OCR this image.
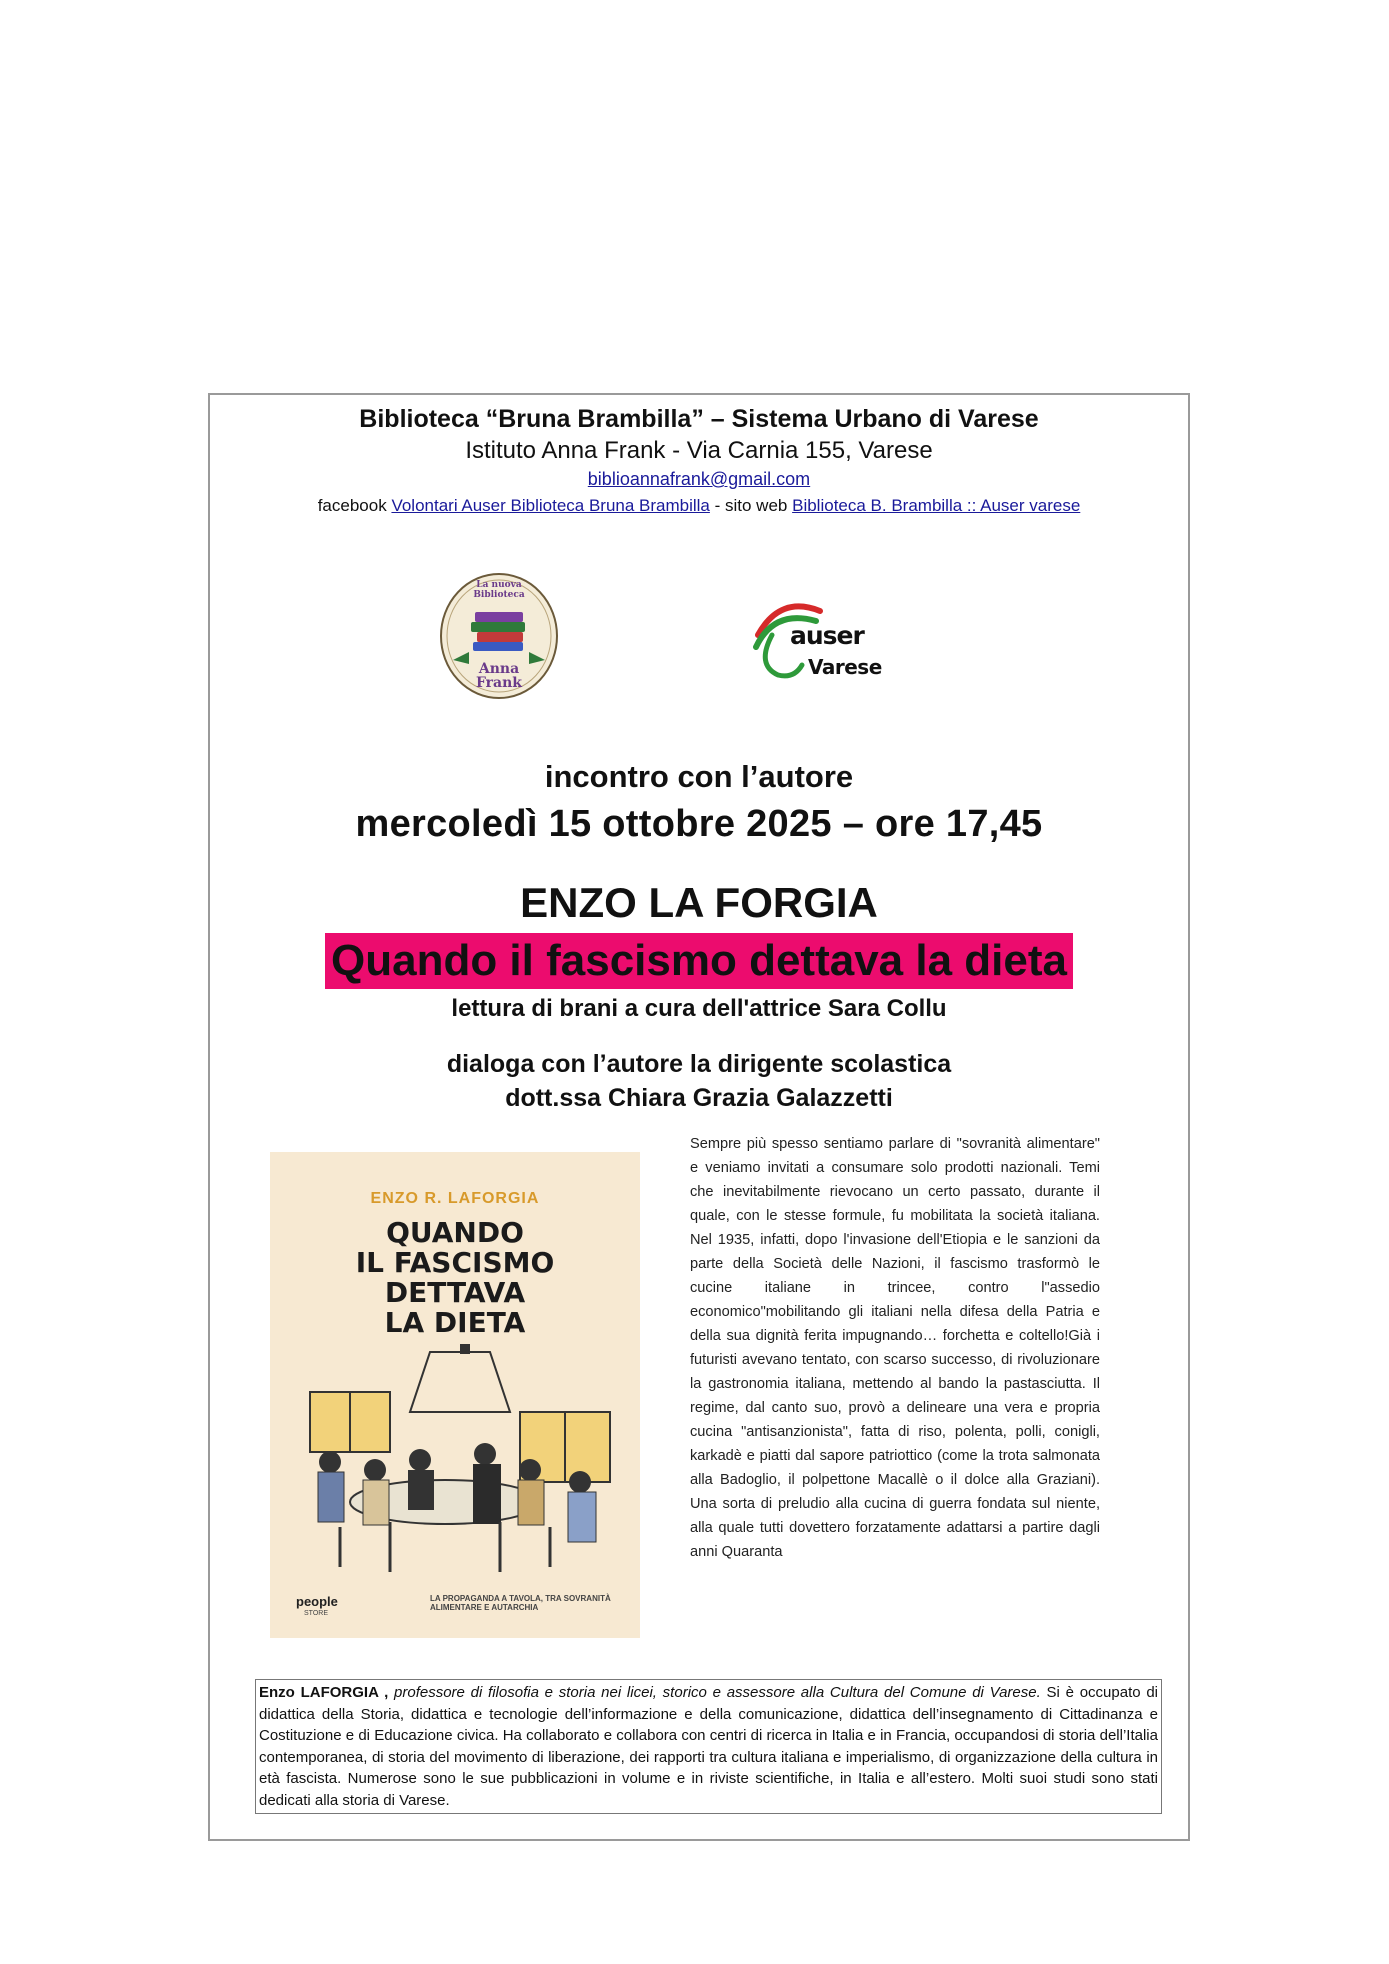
Biblioteca “Bruna Brambilla” – Sistema Urbano di Varese
Istituto Anna Frank - Via Carnia 155, Varese
biblioannafrank@gmail.com
facebook Volontari Auser Biblioteca Bruna Brambilla - sito web Biblioteca B. Brambilla :: Auser varese
La nuova Biblioteca
Anna Frank
auser
Varese
incontro con l’autore
mercoledì 15 ottobre 2025 – ore 17,45
ENZO LA FORGIA
Quando il fascismo dettava la dieta
lettura di brani a cura dell'attrice Sara Collu
dialoga con l’autore la dirigente scolastica
dott.ssa Chiara Grazia Galazzetti
ENZO R. LAFORGIA
QUANDO
IL FASCISMO
DETTAVA
LA DIETA
people
STORE
LA PROPAGANDA A TAVOLA, TRA SOVRANITÀ ALIMENTARE E AUTARCHIA
Sempre più spesso sentiamo parlare di "sovranità alimentare" e veniamo invitati a consumare solo prodotti nazionali. Temi che inevitabilmente rievocano un certo passato, durante il quale, con le stesse formule, fu mobilitata la società italiana. Nel 1935, infatti, dopo l'invasione dell'Etiopia e le sanzioni da parte della Società delle Nazioni, il fascismo trasformò le cucine italiane in trincee, contro l"assedio economico"mobilitando gli italiani nella difesa della Patria e della sua dignità ferita impugnando… forchetta e coltello!Già i futuristi avevano tentato, con scarso successo, di rivoluzionare la gastronomia italiana, mettendo al bando la pastasciutta. Il regime, dal canto suo, provò a delineare una vera e propria cucina "antisanzionista", fatta di riso, polenta, polli, conigli, karkadè e piatti dal sapore patriottico (come la trota salmonata alla Badoglio, il polpettone Macallè o il dolce alla Graziani). Una sorta di preludio alla cucina di guerra fondata sul niente, alla quale tutti dovettero forzatamente adattarsi a partire dagli anni Quaranta
Enzo LAFORGIA , professore di filosofia e storia nei licei, storico e assessore alla Cultura del Comune di Varese. Si è occupato di didattica della Storia, didattica e tecnologie dell’informazione e della comunicazione, didattica dell’insegnamento di Cittadinanza e Costituzione e di Educazione civica. Ha collaborato e collabora con centri di ricerca in Italia e in Francia, occupandosi di storia dell’Italia contemporanea, di storia del movimento di liberazione, dei rapporti tra cultura italiana e imperialismo, di organizzazione della cultura in età fascista. Numerose sono le sue pubblicazioni in volume e in riviste scientifiche, in Italia e all’estero. Molti suoi studi sono stati dedicati alla storia di Varese.
